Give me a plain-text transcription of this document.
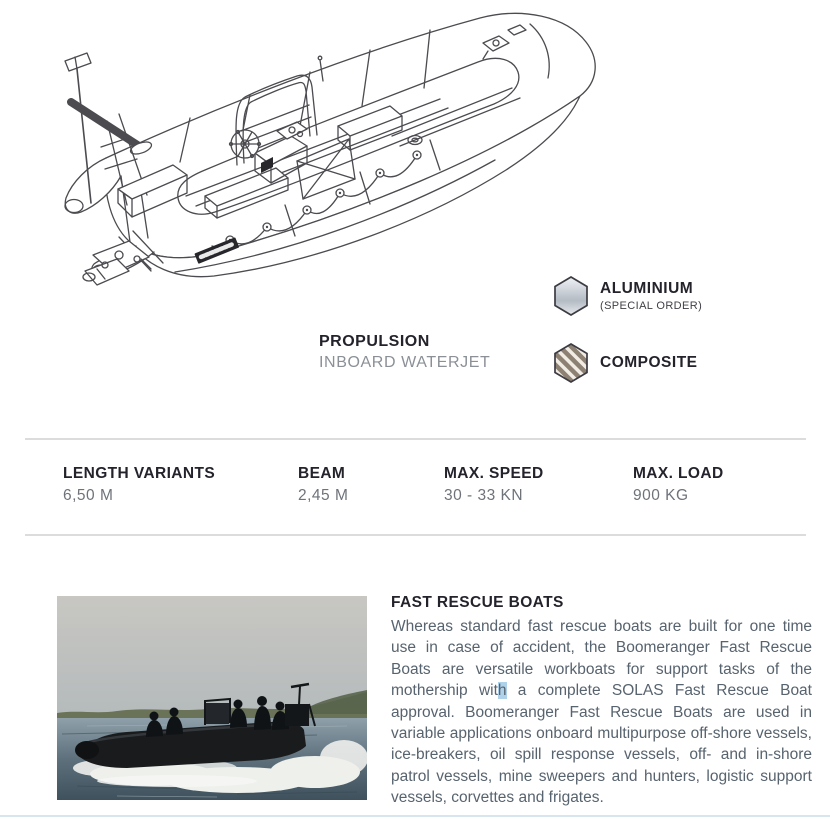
PROPULSION
INBOARD WATERJET
ALUMINIUM
(SPECIAL ORDER)
COMPOSITE
LENGTH VARIANTS
6,50 M
BEAM
2,45 M
MAX. SPEED
30 - 33 KN
MAX. LOAD
900 KG
FAST RESCUE BOATS

Whereas standard fast rescue boats are built for one time use in case of accident, the Boomeranger Fast Rescue Boats are versatile workboats for support tasks of the mothership with a complete SOLAS Fast Rescue Boat approval. Boomeranger Fast Rescue Boats are used in variable applications onboard multipurpose off-shore vessels, ice-breakers, oil spill response vessels, off- and in-shore patrol vessels, mine sweepers and hunters, logistic support vessels, corvettes and frigates.
